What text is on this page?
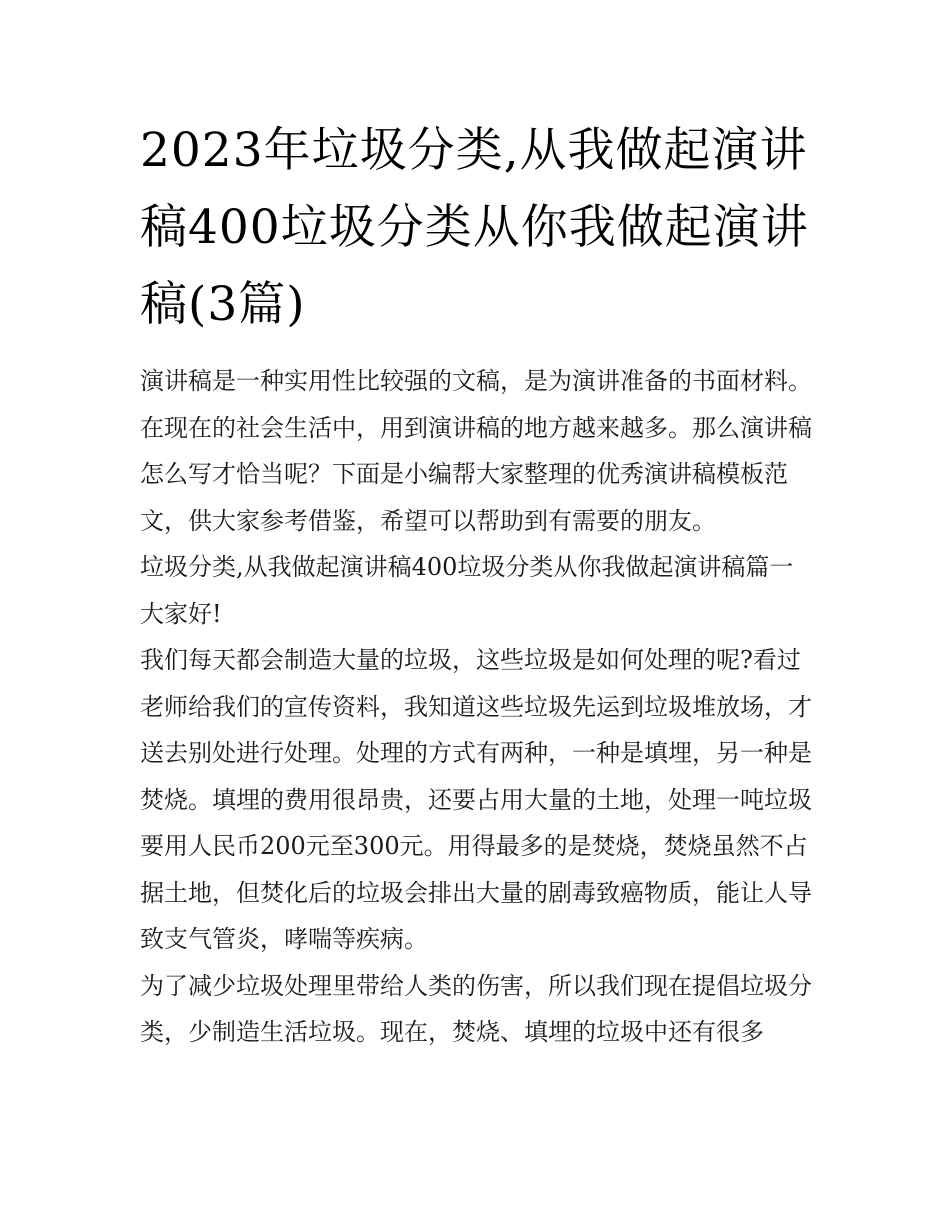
2023年垃圾分类,从我做起演讲稿400垃圾分类从你我做起演讲稿(3篇)

演讲稿是一种实用性比较强的文稿，是为演讲准备的书面材料。在现在的社会生活中，用到演讲稿的地方越来越多。那么演讲稿怎么写才恰当呢？下面是小编帮大家整理的优秀演讲稿模板范文，供大家参考借鉴，希望可以帮助到有需要的朋友。

垃圾分类,从我做起演讲稿400垃圾分类从你我做起演讲稿篇一 大家好!

我们每天都会制造大量的垃圾，这些垃圾是如何处理的呢?看过老师给我们的宣传资料，我知道这些垃圾先运到垃圾堆放场，才送去别处进行处理。处理的方式有两种，一种是填埋，另一种是焚烧。填埋的费用很昂贵，还要占用大量的土地，处理一吨垃圾要用人民币200元至300元。用得最多的是焚烧，焚烧虽然不占据土地，但焚化后的垃圾会排出大量的剧毒致癌物质，能让人导致支气管炎，哮喘等疾病。

为了减少垃圾处理里带给人类的伤害，所以我们现在提倡垃圾分类，少制造生活垃圾。现在，焚烧、填埋的垃圾中还有很多
